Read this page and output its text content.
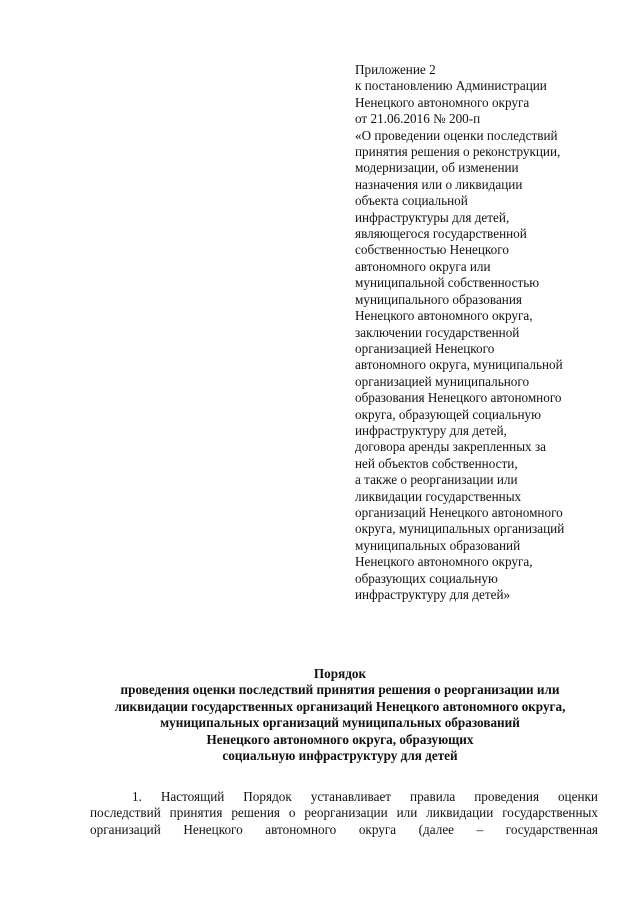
Приложение 2
к постановлению Администрации
Ненецкого автономного округа
от 21.06.2016 № 200-п
«О проведении оценки последствий
принятия решения о реконструкции,
модернизации, об изменении
назначения или о ликвидации
объекта социальной
инфраструктуры для детей,
являющегося государственной
собственностью Ненецкого
автономного округа или
муниципальной собственностью
муниципального образования
Ненецкого автономного округа,
заключении государственной
организацией Ненецкого
автономного округа, муниципальной
организацией муниципального
образования Ненецкого автономного
округа, образующей социальную
инфраструктуру для детей,
договора аренды закрепленных за
ней объектов собственности,
а также о реорганизации или
ликвидации государственных
организаций Ненецкого автономного
округа, муниципальных организаций
муниципальных образований
Ненецкого автономного округа,
образующих социальную
инфраструктуру для детей»
Порядок
проведения оценки последствий принятия решения о реорганизации или
ликвидации государственных организаций Ненецкого автономного округа,
муниципальных организаций муниципальных образований
Ненецкого автономного округа, образующих
социальную инфраструктуру для детей
1. Настоящий Порядок устанавливает правила проведения оценки
последствий принятия решения о реорганизации или ликвидации государственных
организаций Ненецкого автономного округа (далее – государственная
